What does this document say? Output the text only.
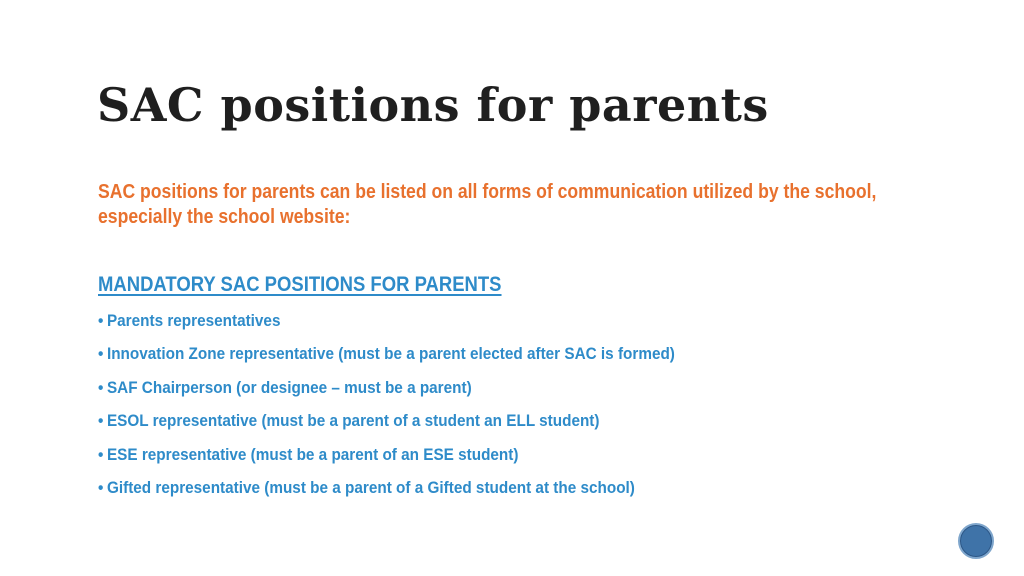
SAC positions for parents

SAC positions for parents can be listed on all forms of communication utilized by the school, especially the school website:

MANDATORY SAC POSITIONS FOR PARENTS

• Parents representatives
• Innovation Zone representative (must be a parent elected after SAC is formed)
• SAF Chairperson (or designee – must be a parent)
• ESOL representative (must be a parent of a student an ELL student)
• ESE representative (must be a parent of an ESE student)
• Gifted representative (must be a parent of a Gifted student at the school)
